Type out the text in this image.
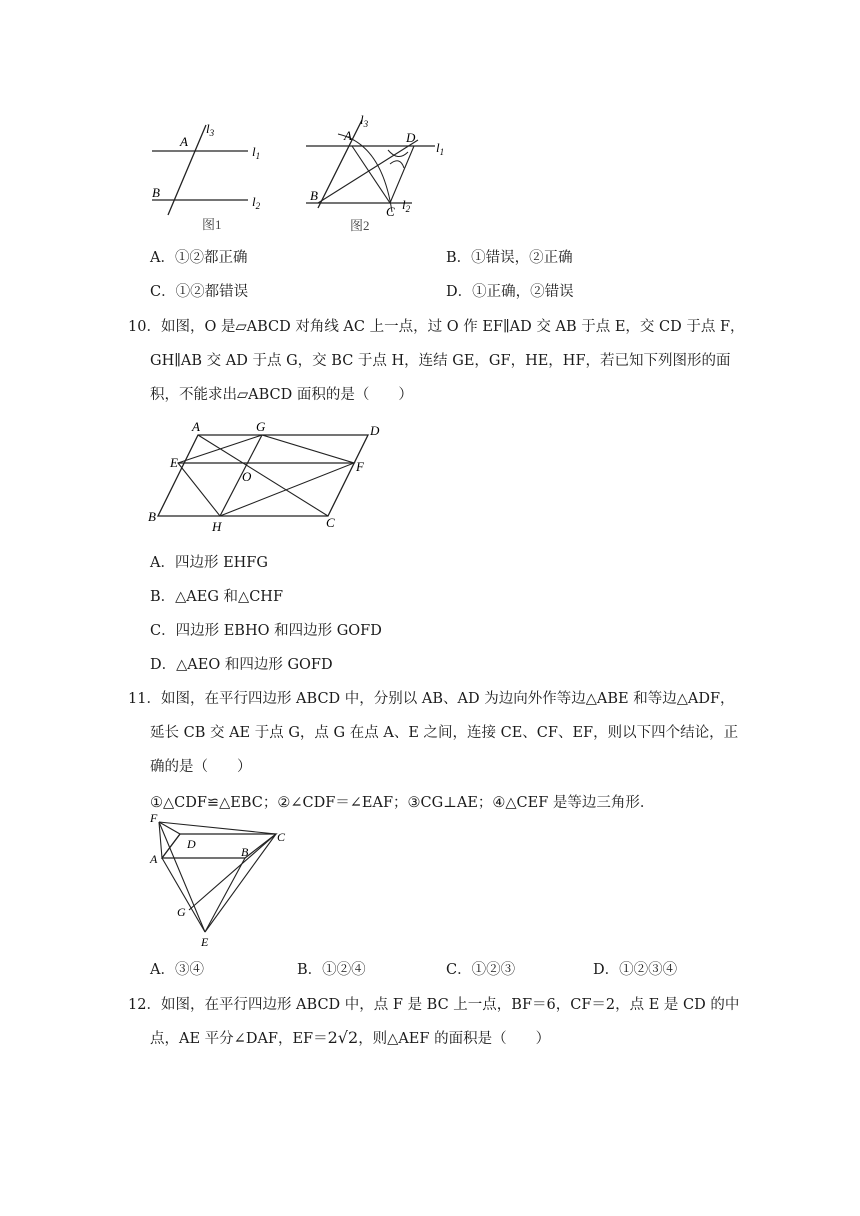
$l_3$
A
$l_1$
B
$l_2$
图1
$l_3$
A	D
$l_1$
B
C $l_2$
图2
A．①②都正确	B．①错误，②正确
C．①②都错误	D．①正确，②错误
10．如图，O 是▱ABCD 对角线 AC 上一点，过 O 作 EF∥AD 交 AB 于点 E，交 CD 于点 F，
GH∥AB 交 AD 于点 G，交 BC 于点 H，连结 GE，GF，HE，HF，若已知下列图形的面
积，不能求出▱ABCD 面积的是（　　）
A	G	D
E
O
F
B
H	C
A．四边形 EHFG
B．△AEG 和△CHF
C．四边形 EBHO 和四边形 GOFD
D．△AEO 和四边形 GOFD
11．如图，在平行四边形 ABCD 中，分别以 AB、AD 为边向外作等边△ABE 和等边△ADF，
延长 CB 交 AE 于点 G，点 G 在点 A、E 之间，连接 CE、CF、EF，则以下四个结论，正
确的是（　　）
①△CDF≌△EBC；②∠CDF＝∠EAF；③CG⊥AE；④△CEF 是等边三角形．
F
D	C
A	B
G
E
A．③④	B．①②④	C．①②③	D．①②③④
12．如图，在平行四边形 ABCD 中，点 F 是 BC 上一点，BF＝6，CF＝2，点 E 是 CD 的中
点，AE 平分∠DAF，EF＝2√2，则△AEF 的面积是（　　）
